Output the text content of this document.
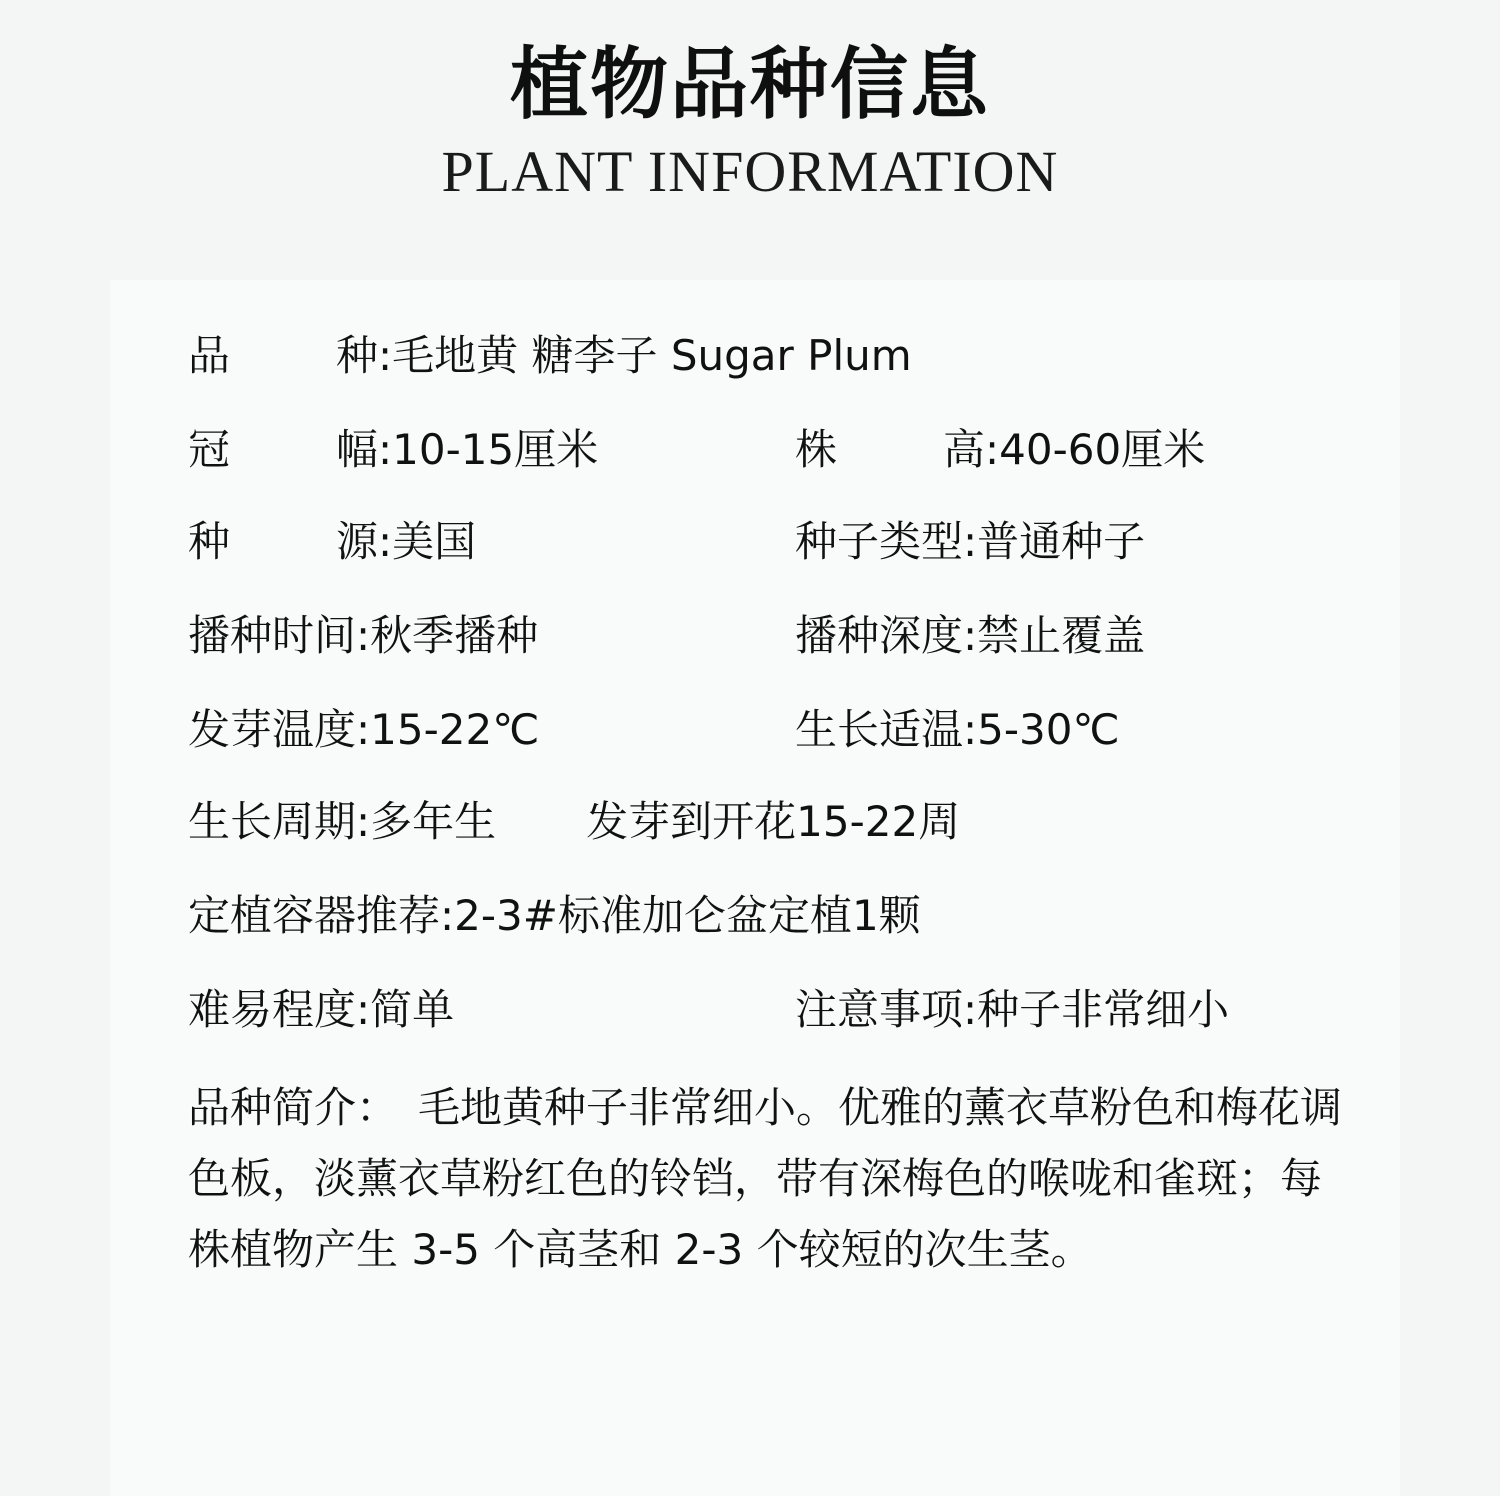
植物品种信息
PLANT INFORMATION
品	种:毛地黄 糖李子 Sugar Plum
冠	幅:10-15厘米	株	高:40-60厘米
种	源:美国	种子类型:普通种子
播种时间:秋季播种	播种深度:禁止覆盖
发芽温度:15-22℃	生长适温:5-30℃
生长周期:多年生 发芽到开花15-22周
定植容器推荐:2-3#标准加仑盆定植1颗
难易程度:简单	注意事项:种子非常细小
品种简介： 毛地黄种子非常细小。优雅的薰衣草粉色和梅花调色板，淡薰衣草粉红色的铃铛，带有深梅色的喉咙和雀斑；每株植物产生 3-5 个高茎和 2-3 个较短的次生茎。
